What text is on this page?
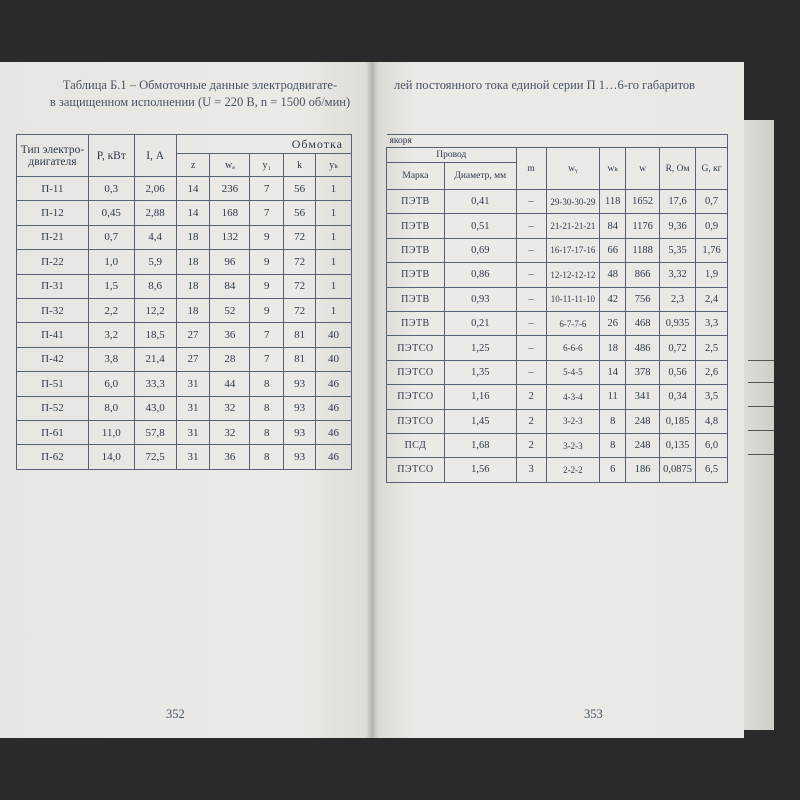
Таблица Б.1 – Обмоточные данные электродвигате-
в защищенном исполнении (U = 220 В, n = 1500 об/мин)
Тип электро-двигателя	P, кВт	I, А	Обмотка				
			z	wₐ	y₁	k	yₖ
П-11	0,3	2,06	14	236	7	56	1
П-12	0,45	2,88	14	168	7	56	1
П-21	0,7	4,4	18	132	9	72	1
П-22	1,0	5,9	18	96	9	72	1
П-31	1,5	8,6	18	84	9	72	1
П-32	2,2	12,2	18	52	9	72	1
П-41	3,2	18,5	27	36	7	81	40
П-42	3,8	21,4	27	28	7	81	40
П-51	6,0	33,3	31	44	8	93	46
П-52	8,0	43,0	31	32	8	93	46
П-61	11,0	57,8	31	32	8	93	46
П-62	14,0	72,5	31	36	8	93	46
352
лей постоянного тока единой серии П 1…6-го габаритов
якоря							
Провод		m	wᵧ	wₖ	w	R, Ом	G, кг
Марка	Диаметр, мм						
ПЭТВ	0,41	–	29-30-30-29	118	1652	17,6	0,7
ПЭТВ	0,51	–	21-21-21-21	84	1176	9,36	0,9
ПЭТВ	0,69	–	16-17-17-16	66	1188	5,35	1,76
ПЭТВ	0,86	–	12-12-12-12	48	866	3,32	1,9
ПЭТВ	0,93	–	10-11-11-10	42	756	2,3	2,4
ПЭТВ	0,21	–	6-7-7-6	26	468	0,935	3,3
ПЭТСО	1,25	–	6-6-6	18	486	0,72	2,5
ПЭТСО	1,35	–	5-4-5	14	378	0,56	2,6
ПЭТСО	1,16	2	4-3-4	11	341	0,34	3,5
ПЭТСО	1,45	2	3-2-3	8	248	0,185	4,8
ПСД	1,68	2	3-2-3	8	248	0,135	6,0
ПЭТСО	1,56	3	2-2-2	6	186	0,0875	6,5
353
